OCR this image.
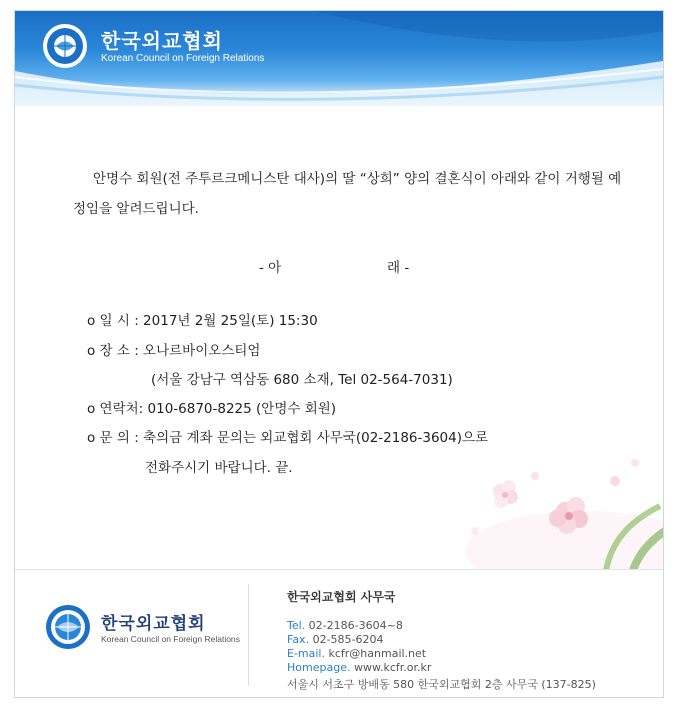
한국외교협회
Korean Council on Foreign Relations

안명수 회원(전 주투르크메니스탄 대사)의 딸 “상희” 양의 결혼식이 아래와 같이 거행될 예정임을 알려드립니다.

- 아	래 -
o 일 시 : 2017년 2월 25일(토) 15:30
o 장 소 : 오나르바이오스티엄
(서울 강남구 역삼동 680 소재, Tel 02-564-7031)
o 연락처: 010-6870-8225 (안명수 회원)
o 문 의 : 축의금 계좌 문의는 외교협회 사무국(02-2186-3604)으로
전화주시기 바랍니다. 끝.
한국외교협회
Korean Council on Foreign Relations
한국외교협회 사무국
Tel. 02-2186-3604~8
Fax. 02-585-6204
E-mail. kcfr@hanmail.net
Homepage. www.kcfr.or.kr
서울시 서초구 방배동 580 한국외교협회 2층 사무국 (137-825)
